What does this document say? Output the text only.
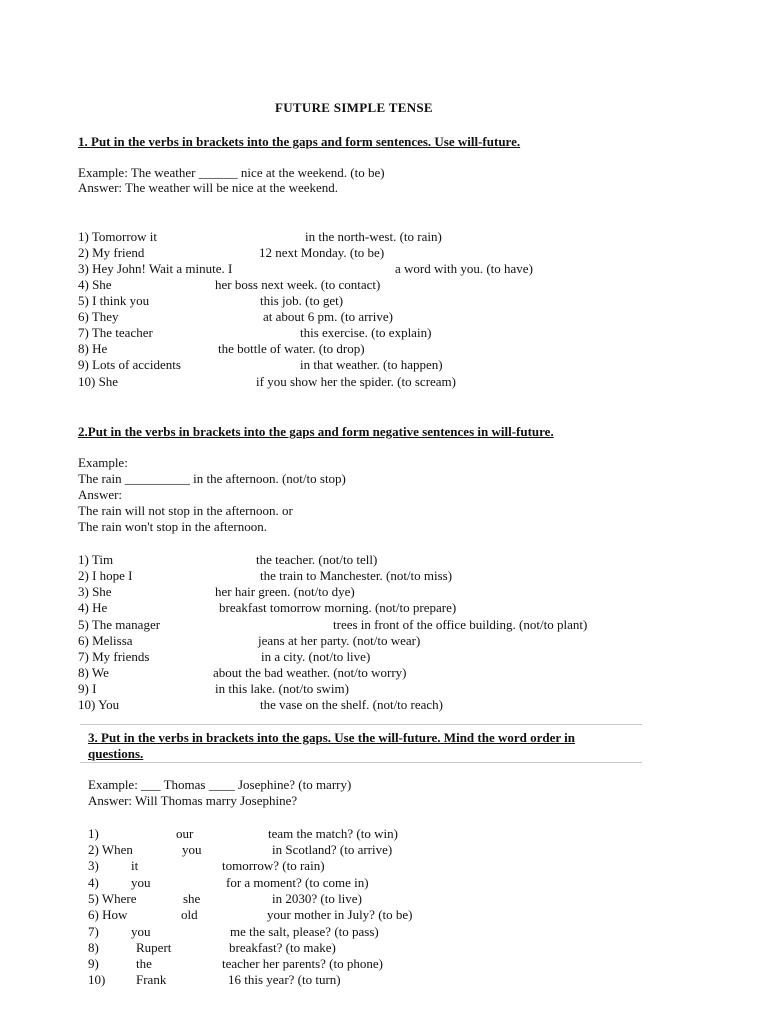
FUTURE SIMPLE TENSE
1. Put in the verbs in brackets into the gaps and form sentences. Use will-future.
Example: The weather ______ nice at the weekend. (to be)
Answer: The weather will be nice at the weekend.
1) Tomorrow it	in the north-west. (to rain)
2) My friend	12 next Monday. (to be)
3) Hey John! Wait a minute. I	a word with you. (to have)
4) She	her boss next week. (to contact)
5) I think you	this job. (to get)
6) They	at about 6 pm. (to arrive)
7) The teacher	this exercise. (to explain)
8) He	the bottle of water. (to drop)
9) Lots of accidents	in that weather. (to happen)
10) She	if you show her the spider. (to scream)
2.Put in the verbs in brackets into the gaps and form negative sentences in will-future.
Example:
The rain __________ in the afternoon. (not/to stop)
Answer:
The rain will not stop in the afternoon. or
The rain won't stop in the afternoon.
1) Tim	the teacher. (not/to tell)
2) I hope I	the train to Manchester. (not/to miss)
3) She	her hair green. (not/to dye)
4) He	breakfast tomorrow morning. (not/to prepare)
5) The manager	trees in front of the office building. (not/to plant)
6) Melissa	jeans at her party. (not/to wear)
7) My friends	in a city. (not/to live)
8) We	about the bad weather. (not/to worry)
9) I	in this lake. (not/to swim)
10) You	the vase on the shelf. (not/to reach)
3. Put in the verbs in brackets into the gaps. Use the will-future. Mind the word order in
questions.
Example: ___ Thomas ____ Josephine? (to marry)
Answer: Will Thomas marry Josephine?
1)	our	team the match? (to win)
2) When	you	in Scotland? (to arrive)
3) it	tomorrow? (to rain)
4) you	for a moment? (to come in)
5) Where	she	in 2030? (to live)
6) How	old	your mother in July? (to be)
7) you	me the salt, please? (to pass)
8)	Rupert	breakfast? (to make)
9)	the	teacher her parents? (to phone)
10) Frank	16 this year? (to turn)
